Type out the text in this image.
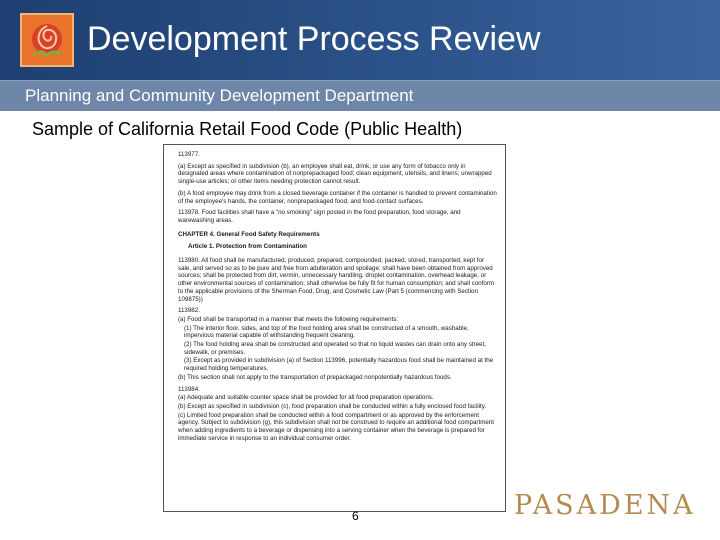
Development Process Review
Planning and Community Development Department
Sample of California Retail Food Code (Public Health)

113977.

(a) Except as specified in subdivision (b), an employee shall eat, drink, or use any form of tobacco only in designated areas where contamination of nonprepackaged food; clean equipment, utensils, and linens; unwrapped single-use articles; or other items needing protection cannot result.

(b) A food employee may drink from a closed beverage container if the container is handled to prevent contamination of the employee's hands, the container, nonprepackaged food, and food-contact surfaces.

113978. Food facilities shall have a "no smoking" sign posted in the food preparation, food storage, and warewashing areas.

CHAPTER 4. General Food Safety Requirements

Article 1. Protection from Contamination

113980. All food shall be manufactured, produced, prepared, compounded, packed, stored, transported, kept for sale, and served so as to be pure and free from adulteration and spoilage; shall have been obtained from approved sources; shall be protected from dirt, vermin, unnecessary handling, droplet contamination, overhead leakage, or other environmental sources of contamination; shall otherwise be fully fit for human consumption; and shall conform to the applicable provisions of the Sherman Food, Drug, and Cosmetic Law (Part 5 (commencing with Section 109875))

113982.

(a) Food shall be transported in a manner that meets the following requirements:

(1) The interior floor, sides, and top of the food holding area shall be constructed of a smooth, washable, impervious material capable of withstanding frequent cleaning.

(2) The food holding area shall be constructed and operated so that no liquid wastes can drain onto any street, sidewalk, or premises.

(3) Except as provided in subdivision (a) of Section 113996, potentially hazardous food shall be maintained at the required holding temperatures.

(b) This section shall not apply to the transportation of prepackaged nonpotentially hazardous foods.

113984.

(a) Adequate and suitable counter space shall be provided for all food preparation operations.

(b) Except as specified in subdivision (c), food preparation shall be conducted within a fully enclosed food facility.

(c) Limited food preparation shall be conducted within a food compartment or as approved by the enforcement agency. Subject to subdivision (g), this subdivision shall not be construed to require an additional food compartment when adding ingredients to a beverage or dispensing into a serving container when the beverage is prepared for immediate service in response to an individual consumer order.

6	PASADENA
